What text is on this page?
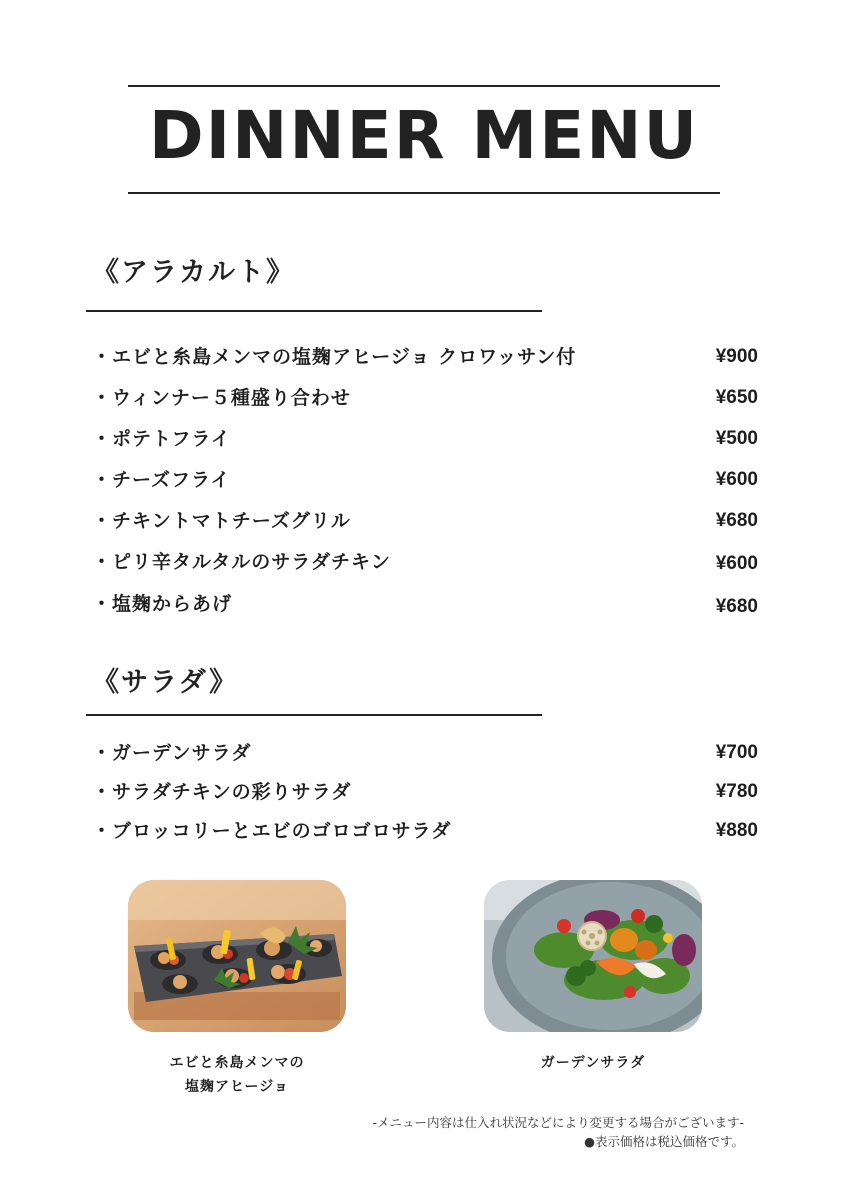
DINNER MENU
《アラカルト》
・エビと糸島メンマの塩麹アヒージョ クロワッサン付	¥900
・ウィンナー５種盛り合わせ	¥650
・ポテトフライ	¥500
・チーズフライ	¥600
・チキントマトチーズグリル	¥680
・ピリ辛タルタルのサラダチキン	¥600
・塩麹からあげ	¥680
《サラダ》
・ガーデンサラダ	¥700
・サラダチキンの彩りサラダ	¥780
・ブロッコリーとエビのゴロゴロサラダ	¥880
エビと糸島メンマの
塩麹アヒージョ
ガーデンサラダ
-メニュー内容は仕入れ状況などにより変更する場合がございます-
●表示価格は税込価格です。
